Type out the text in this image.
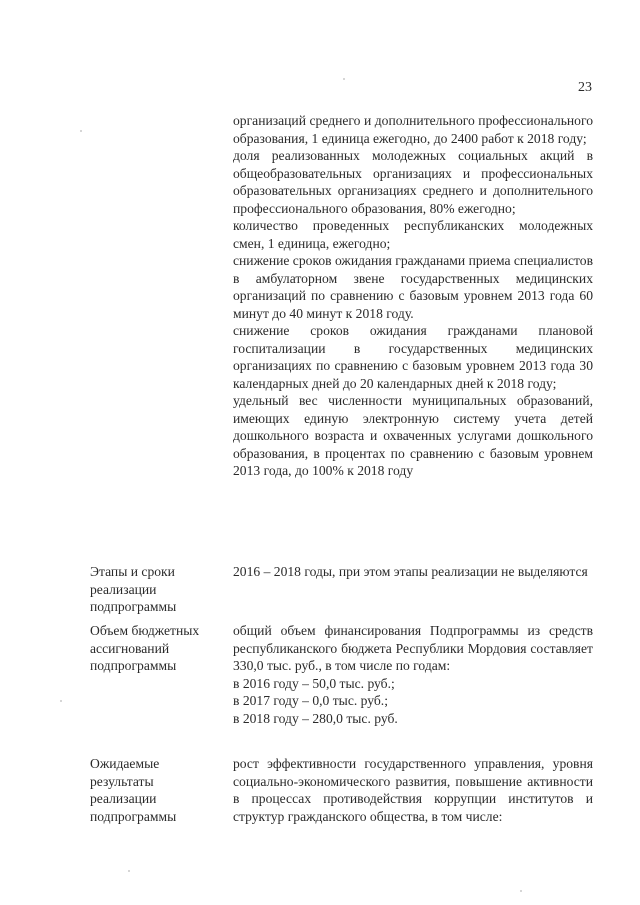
23

организаций среднего и дополнительного профессионального образования, 1 единица ежегодно, до 2400 работ к 2018 году;

доля реализованных молодежных социальных акций в общеобразовательных организациях и профессиональных образовательных организациях среднего и дополнительного профессионального образования, 80% ежегодно;

количество проведенных республиканских молодежных смен, 1 единица, ежегодно;

снижение сроков ожидания гражданами приема специалистов в амбулаторном звене государственных медицинских организаций по сравнению с базовым уровнем 2013 года 60 минут до 40 минут к 2018 году.

снижение сроков ожидания гражданами плановой госпитализации в государственных медицинских организациях по сравнению с базовым уровнем 2013 года 30 календарных дней до 20 календарных дней к 2018 году;

удельный вес численности муниципальных образований, имеющих единую электронную систему учета детей дошкольного возраста и охваченных услугами дошкольного образования, в процентах по сравнению с базовым уровнем 2013 года, до 100% к 2018 году

Этапы и сроки
реализации
подпрограммы

2016 – 2018 годы, при этом этапы реализации не выделяются

Объем бюджетных
ассигнований
подпрограммы

общий объем финансирования Подпрограммы из средств республиканского бюджета Республики Мордовия составляет 330,0 тыс. руб., в том числе по годам:

в 2016 году – 50,0 тыс. руб.;

в 2017 году – 0,0 тыс. руб.;

в 2018 году – 280,0 тыс. руб.

Ожидаемые
результаты
реализации
подпрограммы

рост эффективности государственного управления, уровня социально-экономического развития, повышение активности в процессах противодействия коррупции институтов и структур гражданского общества, в том числе:
